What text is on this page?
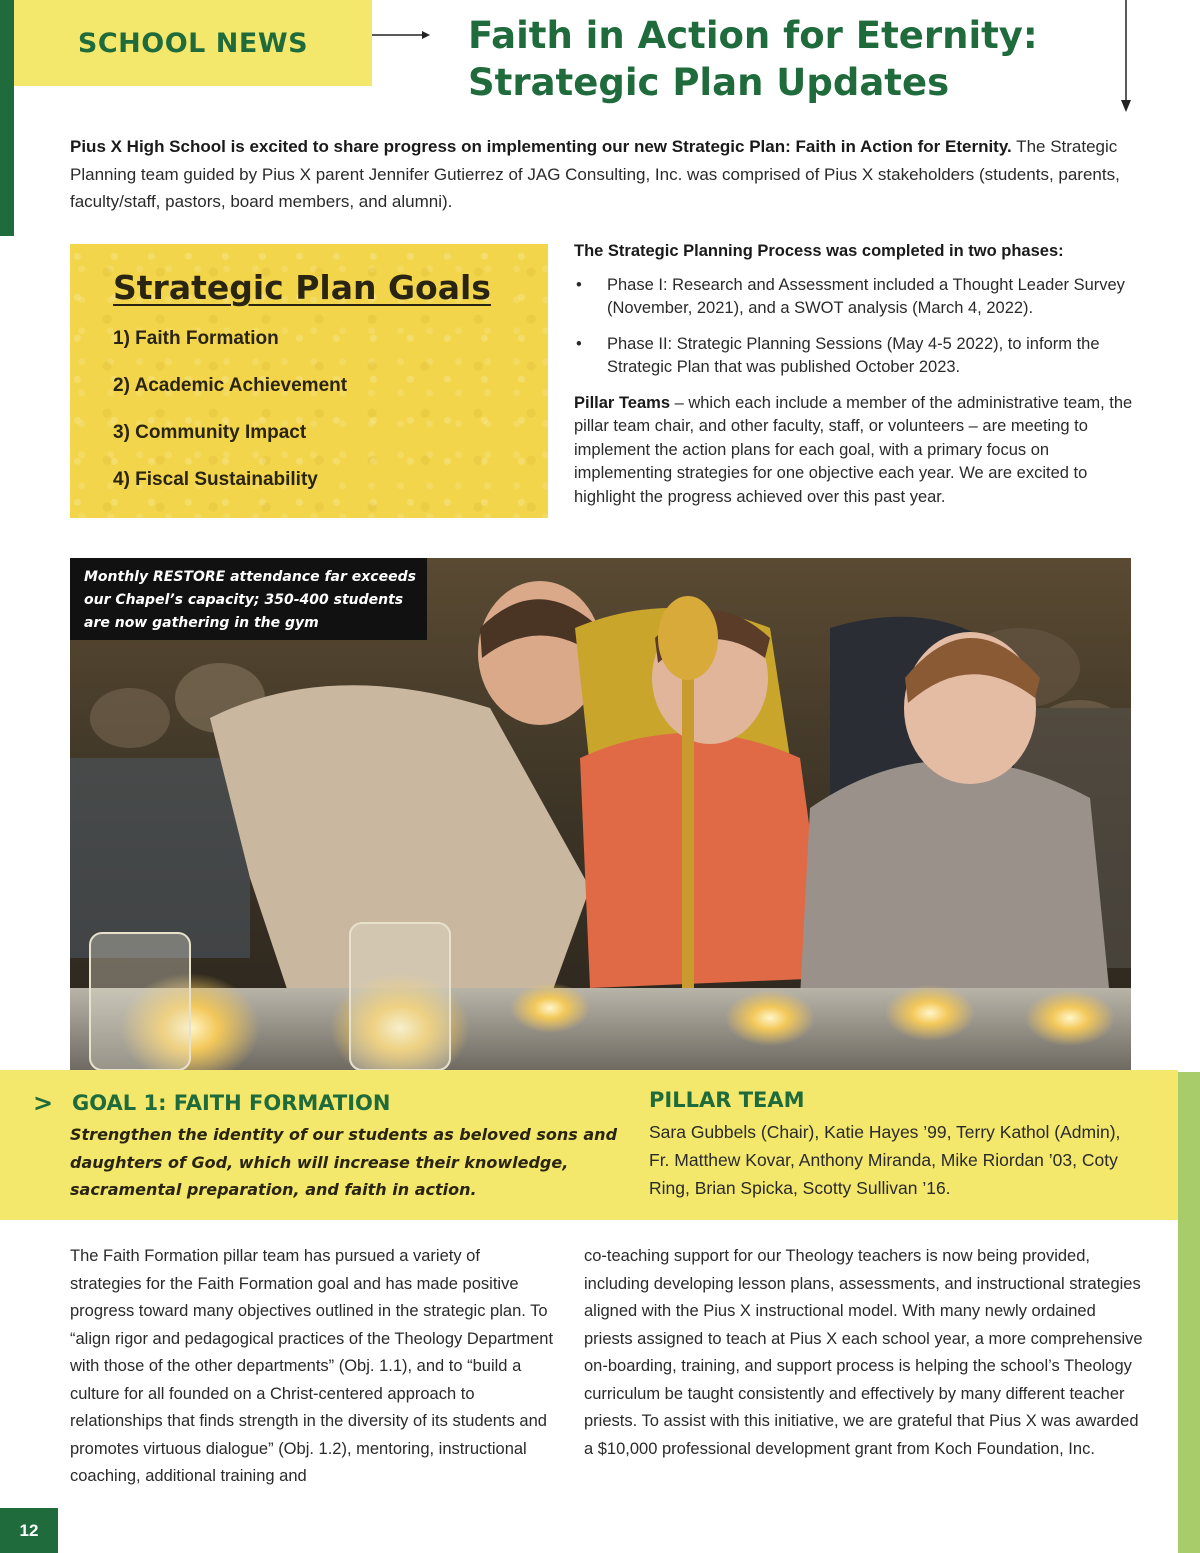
SCHOOL NEWS	Faith in Action for Eternity:
Strategic Plan Updates
Pius X High School is excited to share progress on implementing our new Strategic Plan: Faith in Action for Eternity. The Strategic Planning team guided by Pius X parent Jennifer Gutierrez of JAG Consulting, Inc. was comprised of Pius X stakeholders (students, parents, faculty/staff, pastors, board members, and alumni).
Strategic Plan Goals
1) Faith Formation
2) Academic Achievement
3) Community Impact
4) Fiscal Sustainability
The Strategic Planning Process was completed in two phases:
• Phase I: Research and Assessment included a Thought Leader Survey (November, 2021), and a SWOT analysis (March 4, 2022).
• Phase II: Strategic Planning Sessions (May 4-5 2022), to inform the Strategic Plan that was published October 2023.
Pillar Teams – which each include a member of the administrative team, the pillar team chair, and other faculty, staff, or volunteers – are meeting to implement the action plans for each goal, with a primary focus on implementing strategies for one objective each year. We are excited to highlight the progress achieved over this past year.
Monthly RESTORE attendance far exceeds our Chapel’s capacity; 350-400 students are now gathering in the gym
> GOAL 1: FAITH FORMATION
Strengthen the identity of our students as beloved sons and daughters of God, which will increase their knowledge, sacramental preparation, and faith in action.
PILLAR TEAM
Sara Gubbels (Chair), Katie Hayes ’99, Terry Kathol (Admin), Fr. Matthew Kovar, Anthony Miranda, Mike Riordan ’03, Coty Ring, Brian Spicka, Scotty Sullivan ’16.
The Faith Formation pillar team has pursued a variety of strategies for the Faith Formation goal and has made positive progress toward many objectives outlined in the strategic plan. To “align rigor and pedagogical practices of the Theology Department with those of the other departments” (Obj. 1.1), and to “build a culture for all founded on a Christ-centered approach to relationships that finds strength in the diversity of its students and promotes virtuous dialogue” (Obj. 1.2), mentoring, instructional coaching, additional training and
co-teaching support for our Theology teachers is now being provided, including developing lesson plans, assessments, and instructional strategies aligned with the Pius X instructional model. With many newly ordained priests assigned to teach at Pius X each school year, a more comprehensive on-boarding, training, and support process is helping the school’s Theology curriculum be taught consistently and effectively by many different teacher priests. To assist with this initiative, we are grateful that Pius X was awarded a $10,000 professional development grant from Koch Foundation, Inc.
12
